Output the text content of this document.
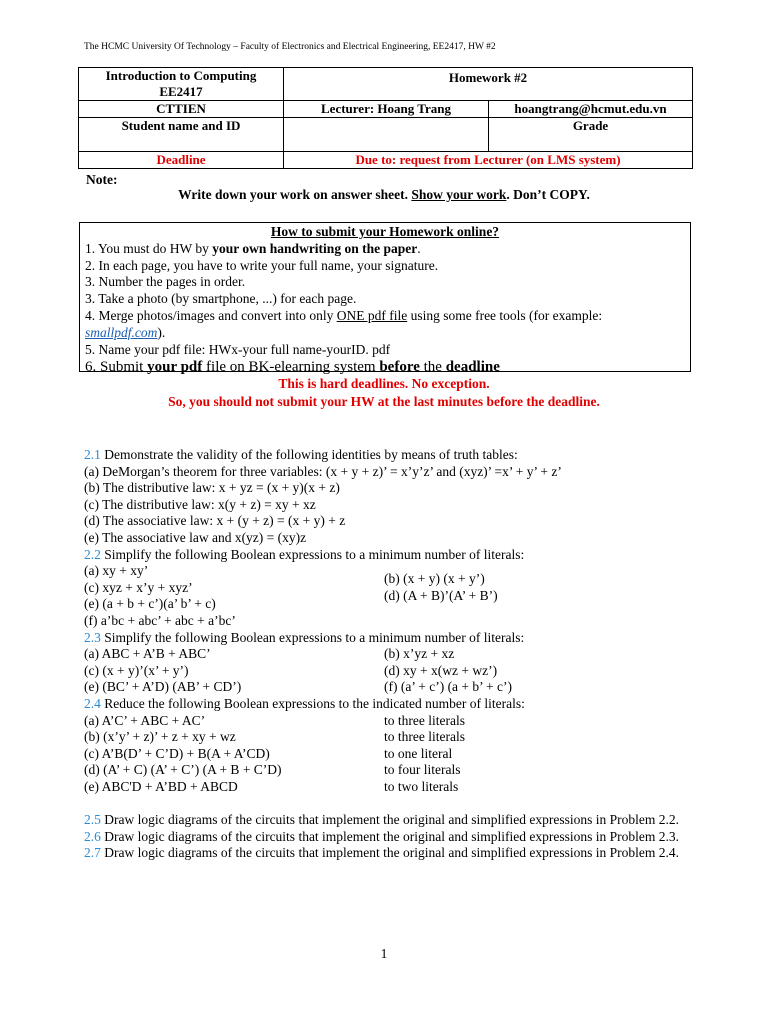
The HCMC University Of Technology – Faculty of Electronics and Electrical Engineering, EE2417, HW #2
Introduction to Computing
EE2417	Homework #2	
CTTIEN	Lecturer: Hoang Trang	hoangtrang@hcmut.edu.vn
Student name and ID		Grade
Deadline	Due to: request from Lecturer (on LMS system)	
Note:
Write down your work on answer sheet. Show your work. Don’t COPY.
How to submit your Homework online?
1. You must do HW by your own handwriting on the paper.
2. In each page, you have to write your full name, your signature.
3. Number the pages in order.
3. Take a photo (by smartphone, ...) for each page.
4. Merge photos/images and convert into only ONE pdf file using some free tools (for example:
smallpdf.com).
5. Name your pdf file: HWx-your full name-yourID. pdf
6. Submit your pdf file on BK-elearning system before the deadline
This is hard deadlines. No exception.
So, you should not submit your HW at the last minutes before the deadline.
2.1 Demonstrate the validity of the following identities by means of truth tables:
(a) DeMorgan’s theorem for three variables: (x + y + z)’ = x’y’z’ and (xyz)’ =x’ + y’ + z’
(b) The distributive law: x + yz = (x + y)(x + z)
(c) The distributive law: x(y + z) = xy + xz
(d) The associative law: x + (y + z) = (x + y) + z
(e) The associative law and x(yz) = (xy)z
2.2 Simplify the following Boolean expressions to a minimum number of literals:
(a) xy + xy’
(b) (x + y) (x + y’)
(c) xyz + x’y + xyz’
(d) (A + B)’(A’ + B’)
(e) (a + b + c’)(a’ b’ + c)
(f) a’bc + abc’ + abc + a’bc’
2.3 Simplify the following Boolean expressions to a minimum number of literals:
(a) ABC + A’B + ABC’	(b) x’yz + xz
(c) (x + y)’(x’ + y’)	(d) xy + x(wz + wz’)
(e) (BC’ + A’D) (AB’ + CD’)	(f) (a’ + c’) (a + b’ + c’)
2.4 Reduce the following Boolean expressions to the indicated number of literals:
(a) A’C’ + ABC + AC’	to three literals
(b) (x’y’ + z)’ + z + xy + wz	to three literals
(c) A’B(D’ + C’D) + B(A + A’CD)	to one literal
(d) (A’ + C) (A’ + C’) (A + B + C’D)	to four literals
(e) ABC'D + A’BD + ABCD	to two literals
2.5 Draw logic diagrams of the circuits that implement the original and simplified expressions in Problem 2.2.
2.6 Draw logic diagrams of the circuits that implement the original and simplified expressions in Problem 2.3.
2.7 Draw logic diagrams of the circuits that implement the original and simplified expressions in Problem 2.4.
1
